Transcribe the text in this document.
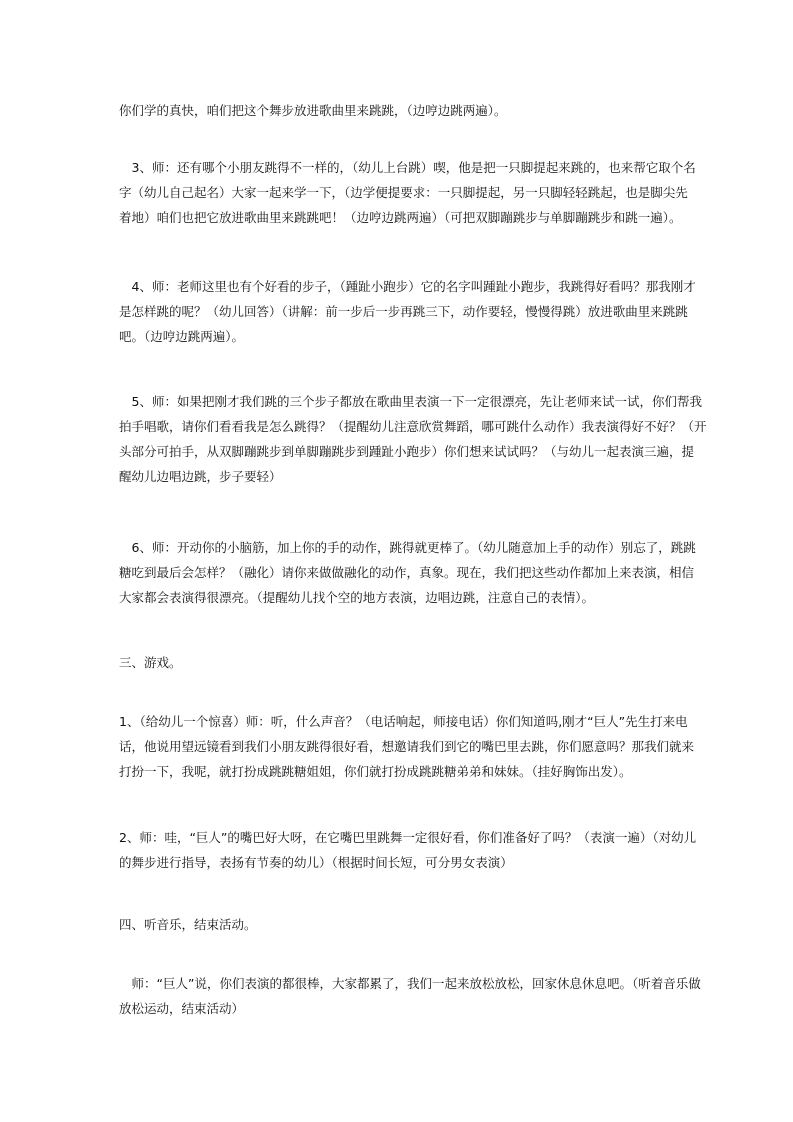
你们学的真快，咱们把这个舞步放进歌曲里来跳跳，（边哼边跳两遍）。

　3、师：还有哪个小朋友跳得不一样的，（幼儿上台跳）喫，他是把一只脚提起来跳的，也来帮它取个名
字（幼儿自己起名）大家一起来学一下，（边学便提要求：一只脚提起，另一只脚轻轻跳起，也是脚尖先
着地）咱们也把它放进歌曲里来跳跳吧！（边哼边跳两遍）（可把双脚蹦跳步与单脚蹦跳步和跳一遍）。

　4、师：老师这里也有个好看的步子，（踵趾小跑步）它的名字叫踵趾小跑步，我跳得好看吗？那我刚才
是怎样跳的呢？（幼儿回答）（讲解：前一步后一步再跳三下，动作要轻，慢慢得跳）放进歌曲里来跳跳
吧。（边哼边跳两遍）。

　5、师：如果把刚才我们跳的三个步子都放在歌曲里表演一下一定很漂亮，先让老师来试一试，你们帮我
拍手唱歌，请你们看看我是怎么跳得？（提醒幼儿注意欣赏舞蹈，哪可跳什么动作）我表演得好不好？（开
头部分可拍手，从双脚蹦跳步到单脚蹦跳步到踵趾小跑步）你们想来试试吗？（与幼儿一起表演三遍，提
醒幼儿边唱边跳，步子要轻）

　6、师：开动你的小脑筋，加上你的手的动作，跳得就更棒了。（幼儿随意加上手的动作）别忘了，跳跳
糖吃到最后会怎样？（融化）请你来做做融化的动作，真象。现在，我们把这些动作都加上来表演，相信
大家都会表演得很漂亮。（提醒幼儿找个空的地方表演，边唱边跳，注意自己的表情）。

三、游戏。

1、（给幼儿一个惊喜）师：听，什么声音？（电话响起，师接电话）你们知道吗,刚才“巨人”先生打来电
话，他说用望远镜看到我们小朋友跳得很好看，想邀请我们到它的嘴巴里去跳，你们愿意吗？那我们就来
打扮一下，我呢，就打扮成跳跳糖姐姐，你们就打扮成跳跳糖弟弟和妹妹。（挂好胸饰出发）。

2、师：哇，“巨人”的嘴巴好大呀，在它嘴巴里跳舞一定很好看，你们准备好了吗？（表演一遍）（对幼儿
的舞步进行指导，表扬有节奏的幼儿）（根据时间长短，可分男女表演）

四、听音乐，结束活动。

　师：“巨人”说，你们表演的都很棒，大家都累了，我们一起来放松放松，回家休息休息吧。（听着音乐做
放松运动，结束活动）
